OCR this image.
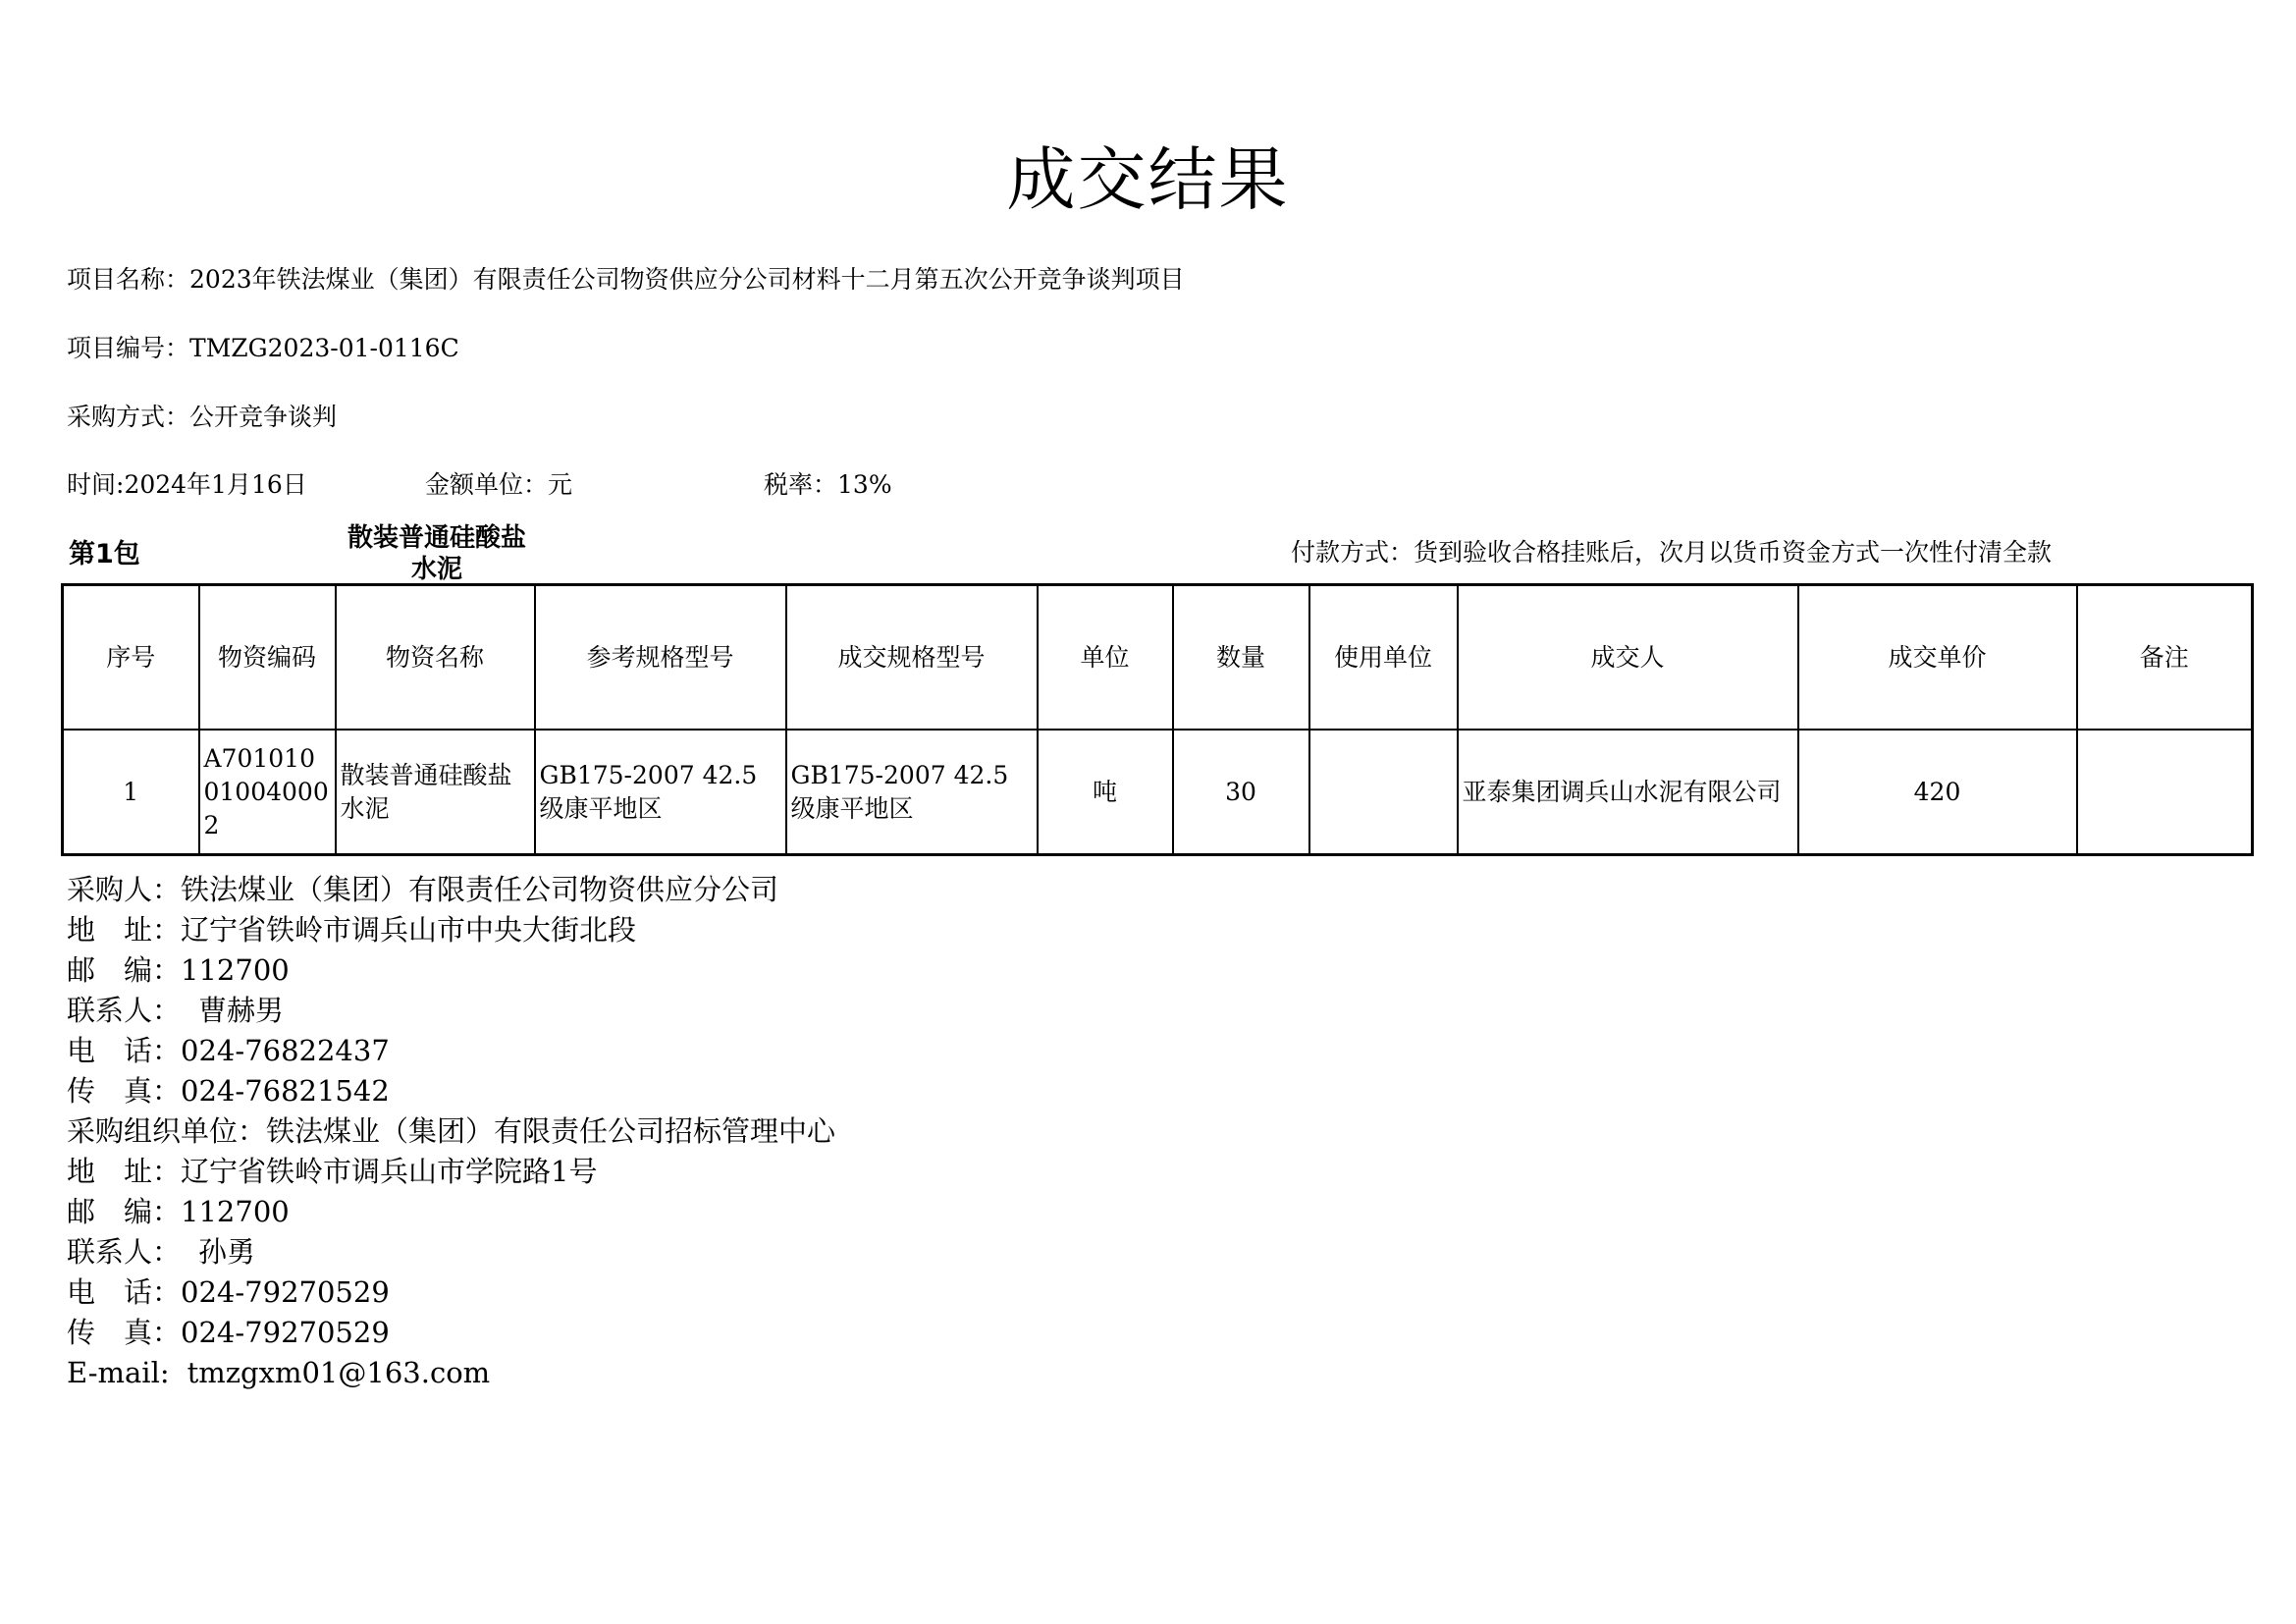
成交结果
项目名称：2023年铁法煤业（集团）有限责任公司物资供应分公司材料十二月第五次公开竞争谈判项目
项目编号：TMZG2023-01-0116C
采购方式：公开竞争谈判
时间:2024年1月16日	金额单位：元	税率：13%
第1包
散装普通硅酸盐水泥
付款方式：货到验收合格挂账后，次月以货币资金方式一次性付清全款
序号	物资编码	物资名称	参考规格型号	成交规格型号	单位	数量	使用单位	成交人	成交单价	备注
1	A701010010040002	散装普通硅酸盐水泥	GB175-2007 42.5级康平地区	GB175-2007 42.5级康平地区	吨	30		亚泰集团调兵山水泥有限公司	420	
采购人：铁法煤业（集团）有限责任公司物资供应分公司
地　址：辽宁省铁岭市调兵山市中央大街北段
邮　编：112700
联系人： 曹赫男
电　话：024-76822437
传　真：024-76821542
采购组织单位：铁法煤业（集团）有限责任公司招标管理中心
地　址：辽宁省铁岭市调兵山市学院路1号
邮　编：112700
联系人： 孙勇
电　话：024-79270529
传　真：024-79270529
E-mail: tmzgxm01@163.com
